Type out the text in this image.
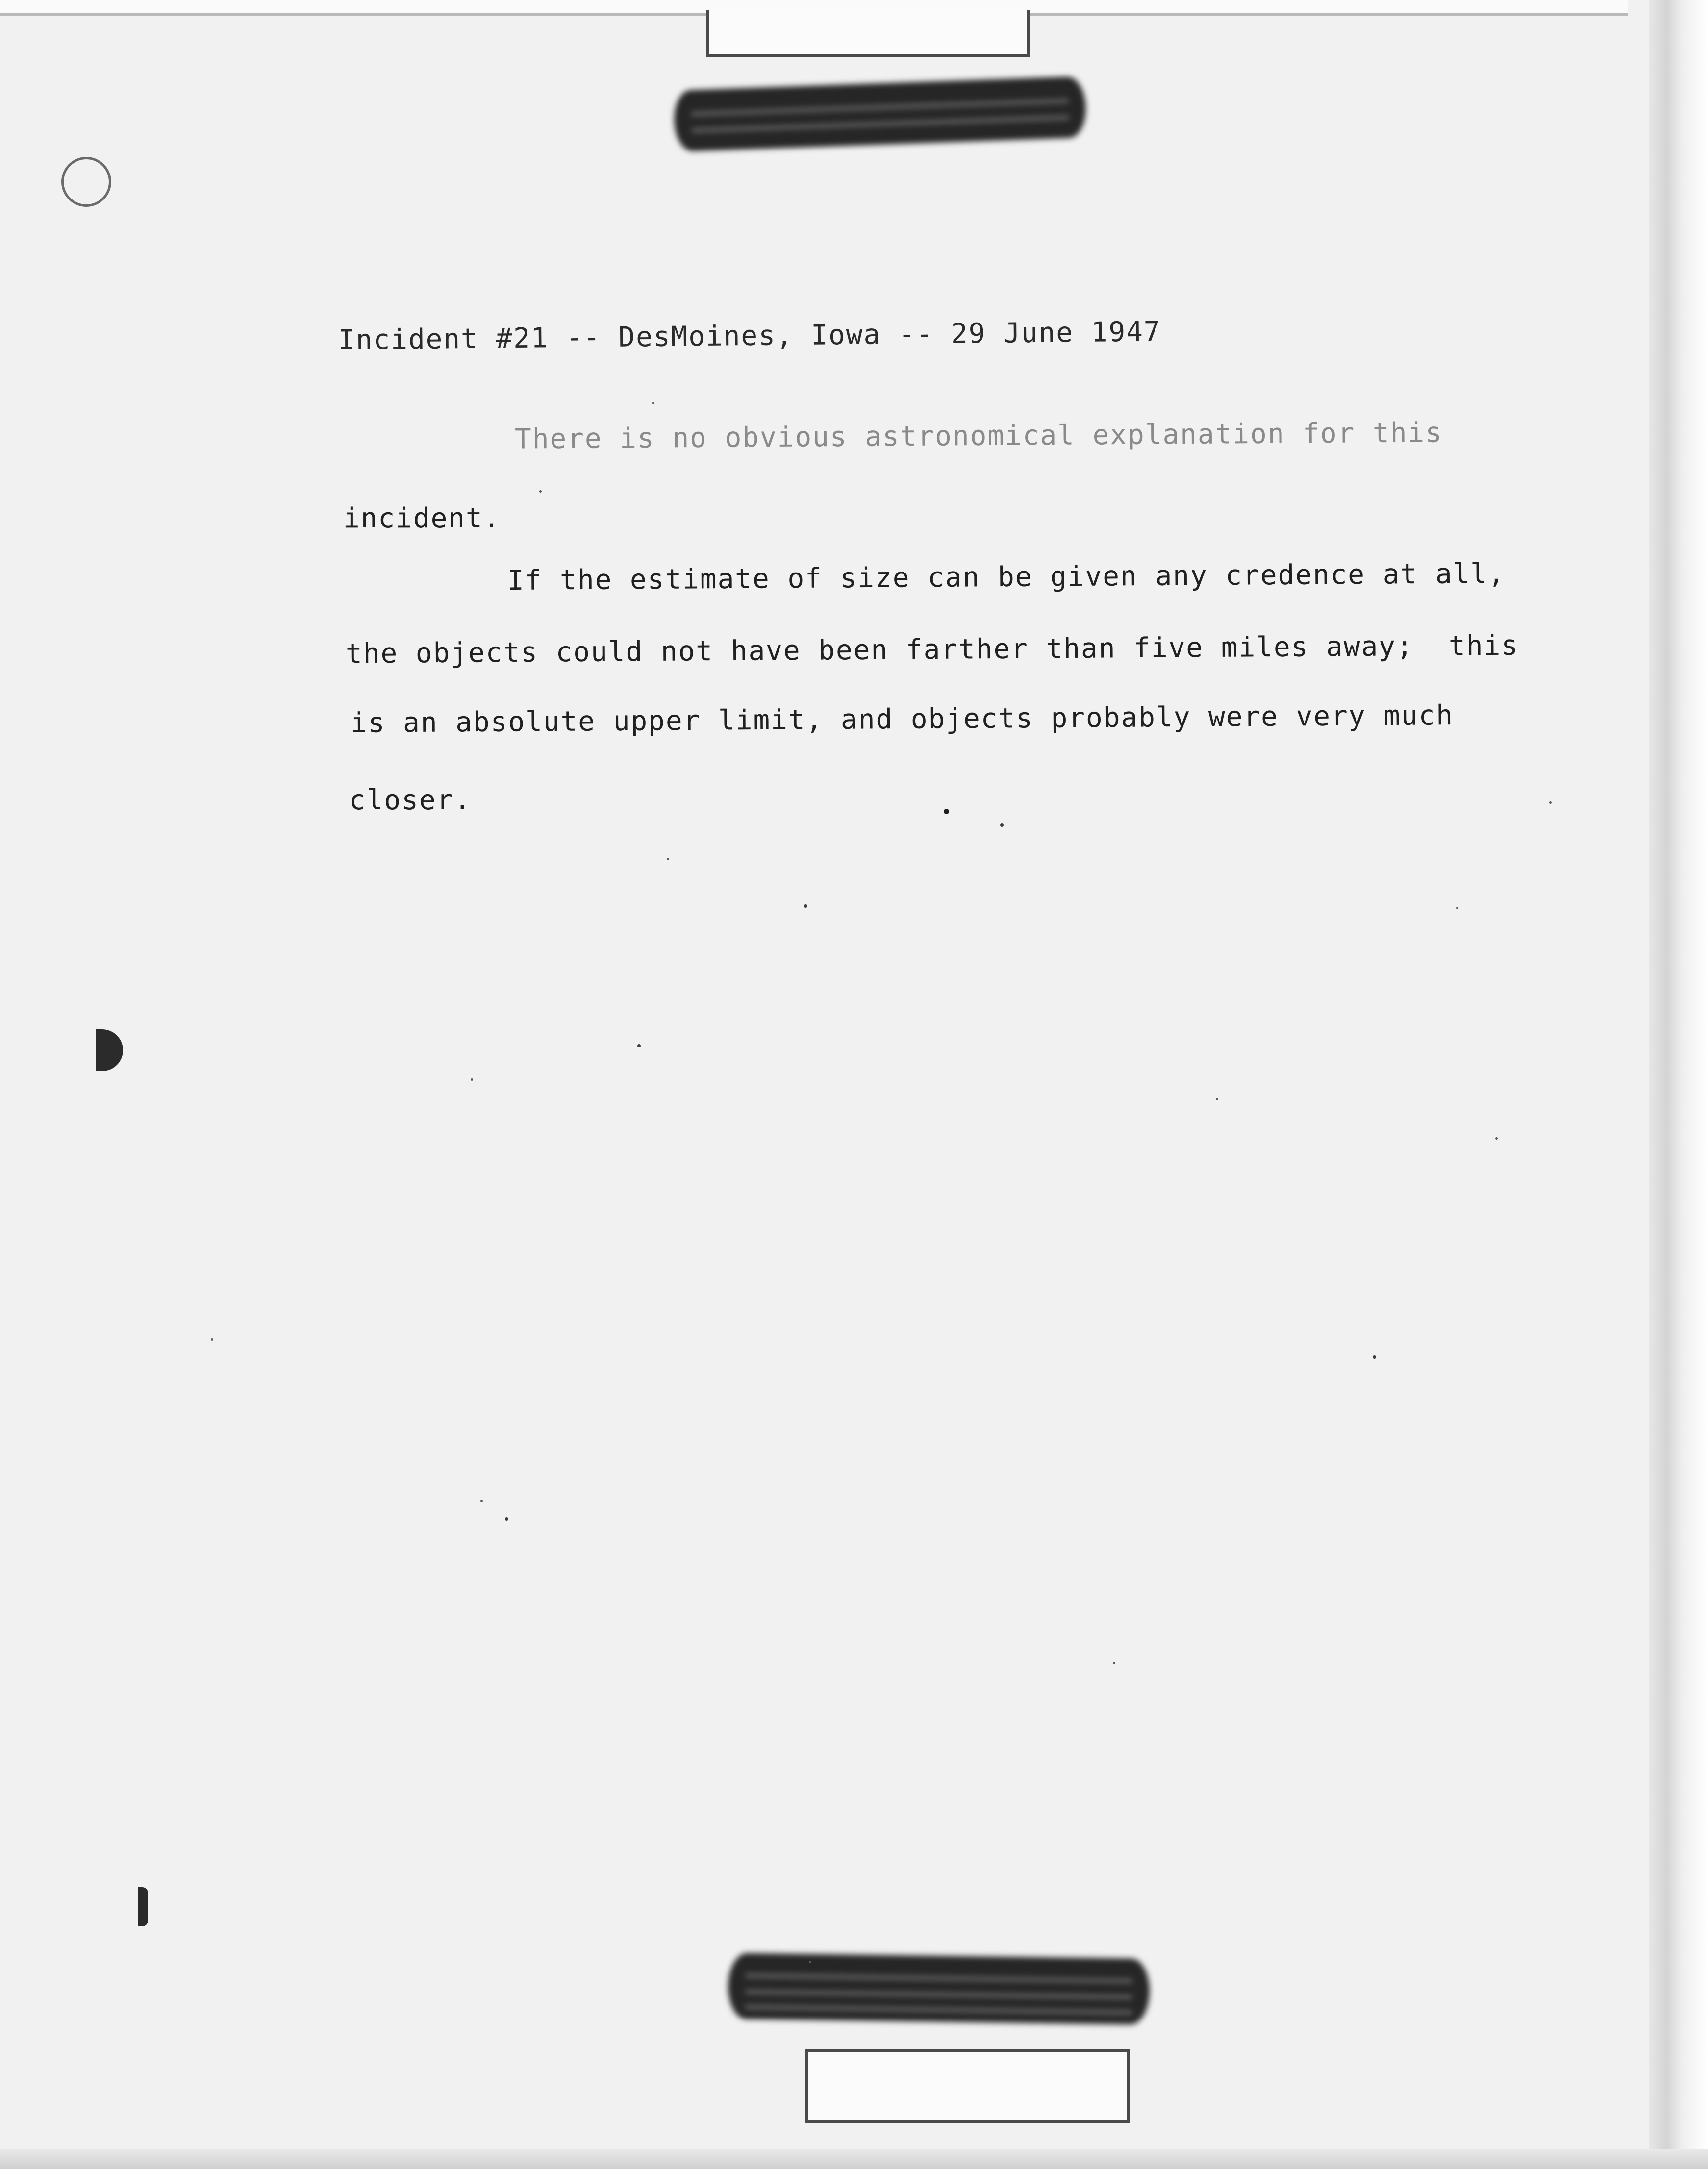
Incident #21 -- DesMoines, Iowa -- 29 June 1947

There is no obvious astronomical explanation for this

incident.

If the estimate of size can be given any credence at all,

the objects could not have been farther than five miles away;  this

is an absolute upper limit, and objects probably were very much

closer.
